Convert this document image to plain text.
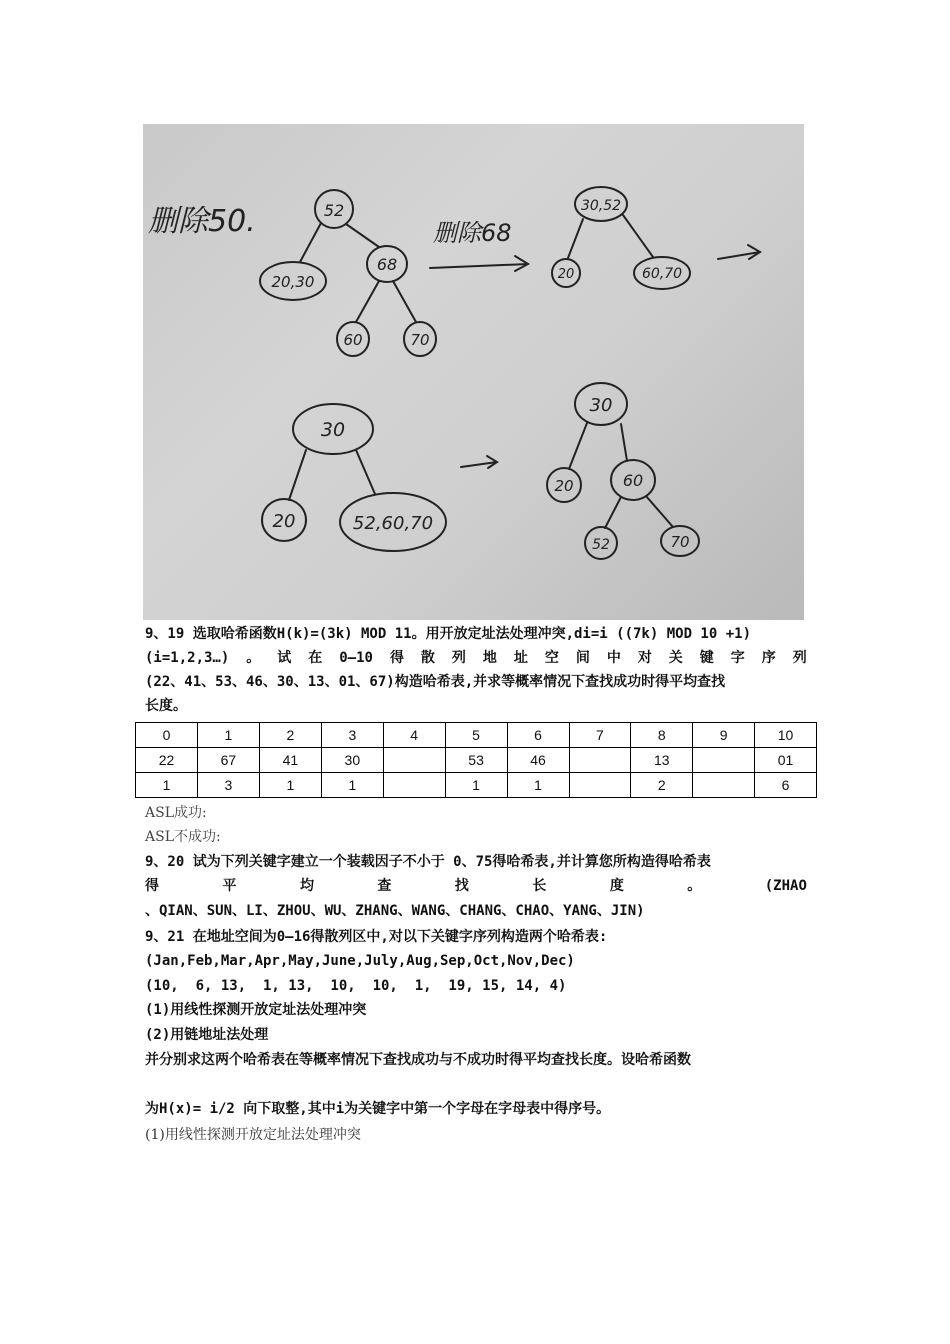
删除50.	删除68
52
20,30
68
60	70
30,52
20	60,70
30
20	52,60,70
30
20	60
52	70
9、19 选取哈希函数H(k)=(3k) MOD 11。用开放定址法处理冲突,di=i ((7k) MOD 10 +1)
(i=1,2,3…) 。 试 在 0—10 得 散 列 地 址 空 间 中 对 关 键 字 序 列
(22、41、53、46、30、13、01、67)构造哈希表,并求等概率情况下查找成功时得平均查找
长度。
0	1	2	3	4	5	6	7	8	9	10
22	67	41	30		53	46		13		01
1	3	1	1		1	1		2		6
ASL成功:
ASL不成功:
9、20 试为下列关键字建立一个装载因子不小于 0、75得哈希表,并计算您所构造得哈希表
得	平	均	查	找	长	度	。	(ZHAO
、QIAN、SUN、LI、ZHOU、WU、ZHANG、WANG、CHANG、CHAO、YANG、JIN)
9、21 在地址空间为0—16得散列区中,对以下关键字序列构造两个哈希表:
(Jan,Feb,Mar,Apr,May,June,July,Aug,Sep,Oct,Nov,Dec)
(10,  6, 13,  1, 13,  10,  10,  1,  19, 15, 14, 4)
(1)用线性探测开放定址法处理冲突
(2)用链地址法处理
并分别求这两个哈希表在等概率情况下查找成功与不成功时得平均查找长度。设哈希函数
为H(x)= i/2 向下取整,其中i为关键字中第一个字母在字母表中得序号。
(1)用线性探测开放定址法处理冲突
